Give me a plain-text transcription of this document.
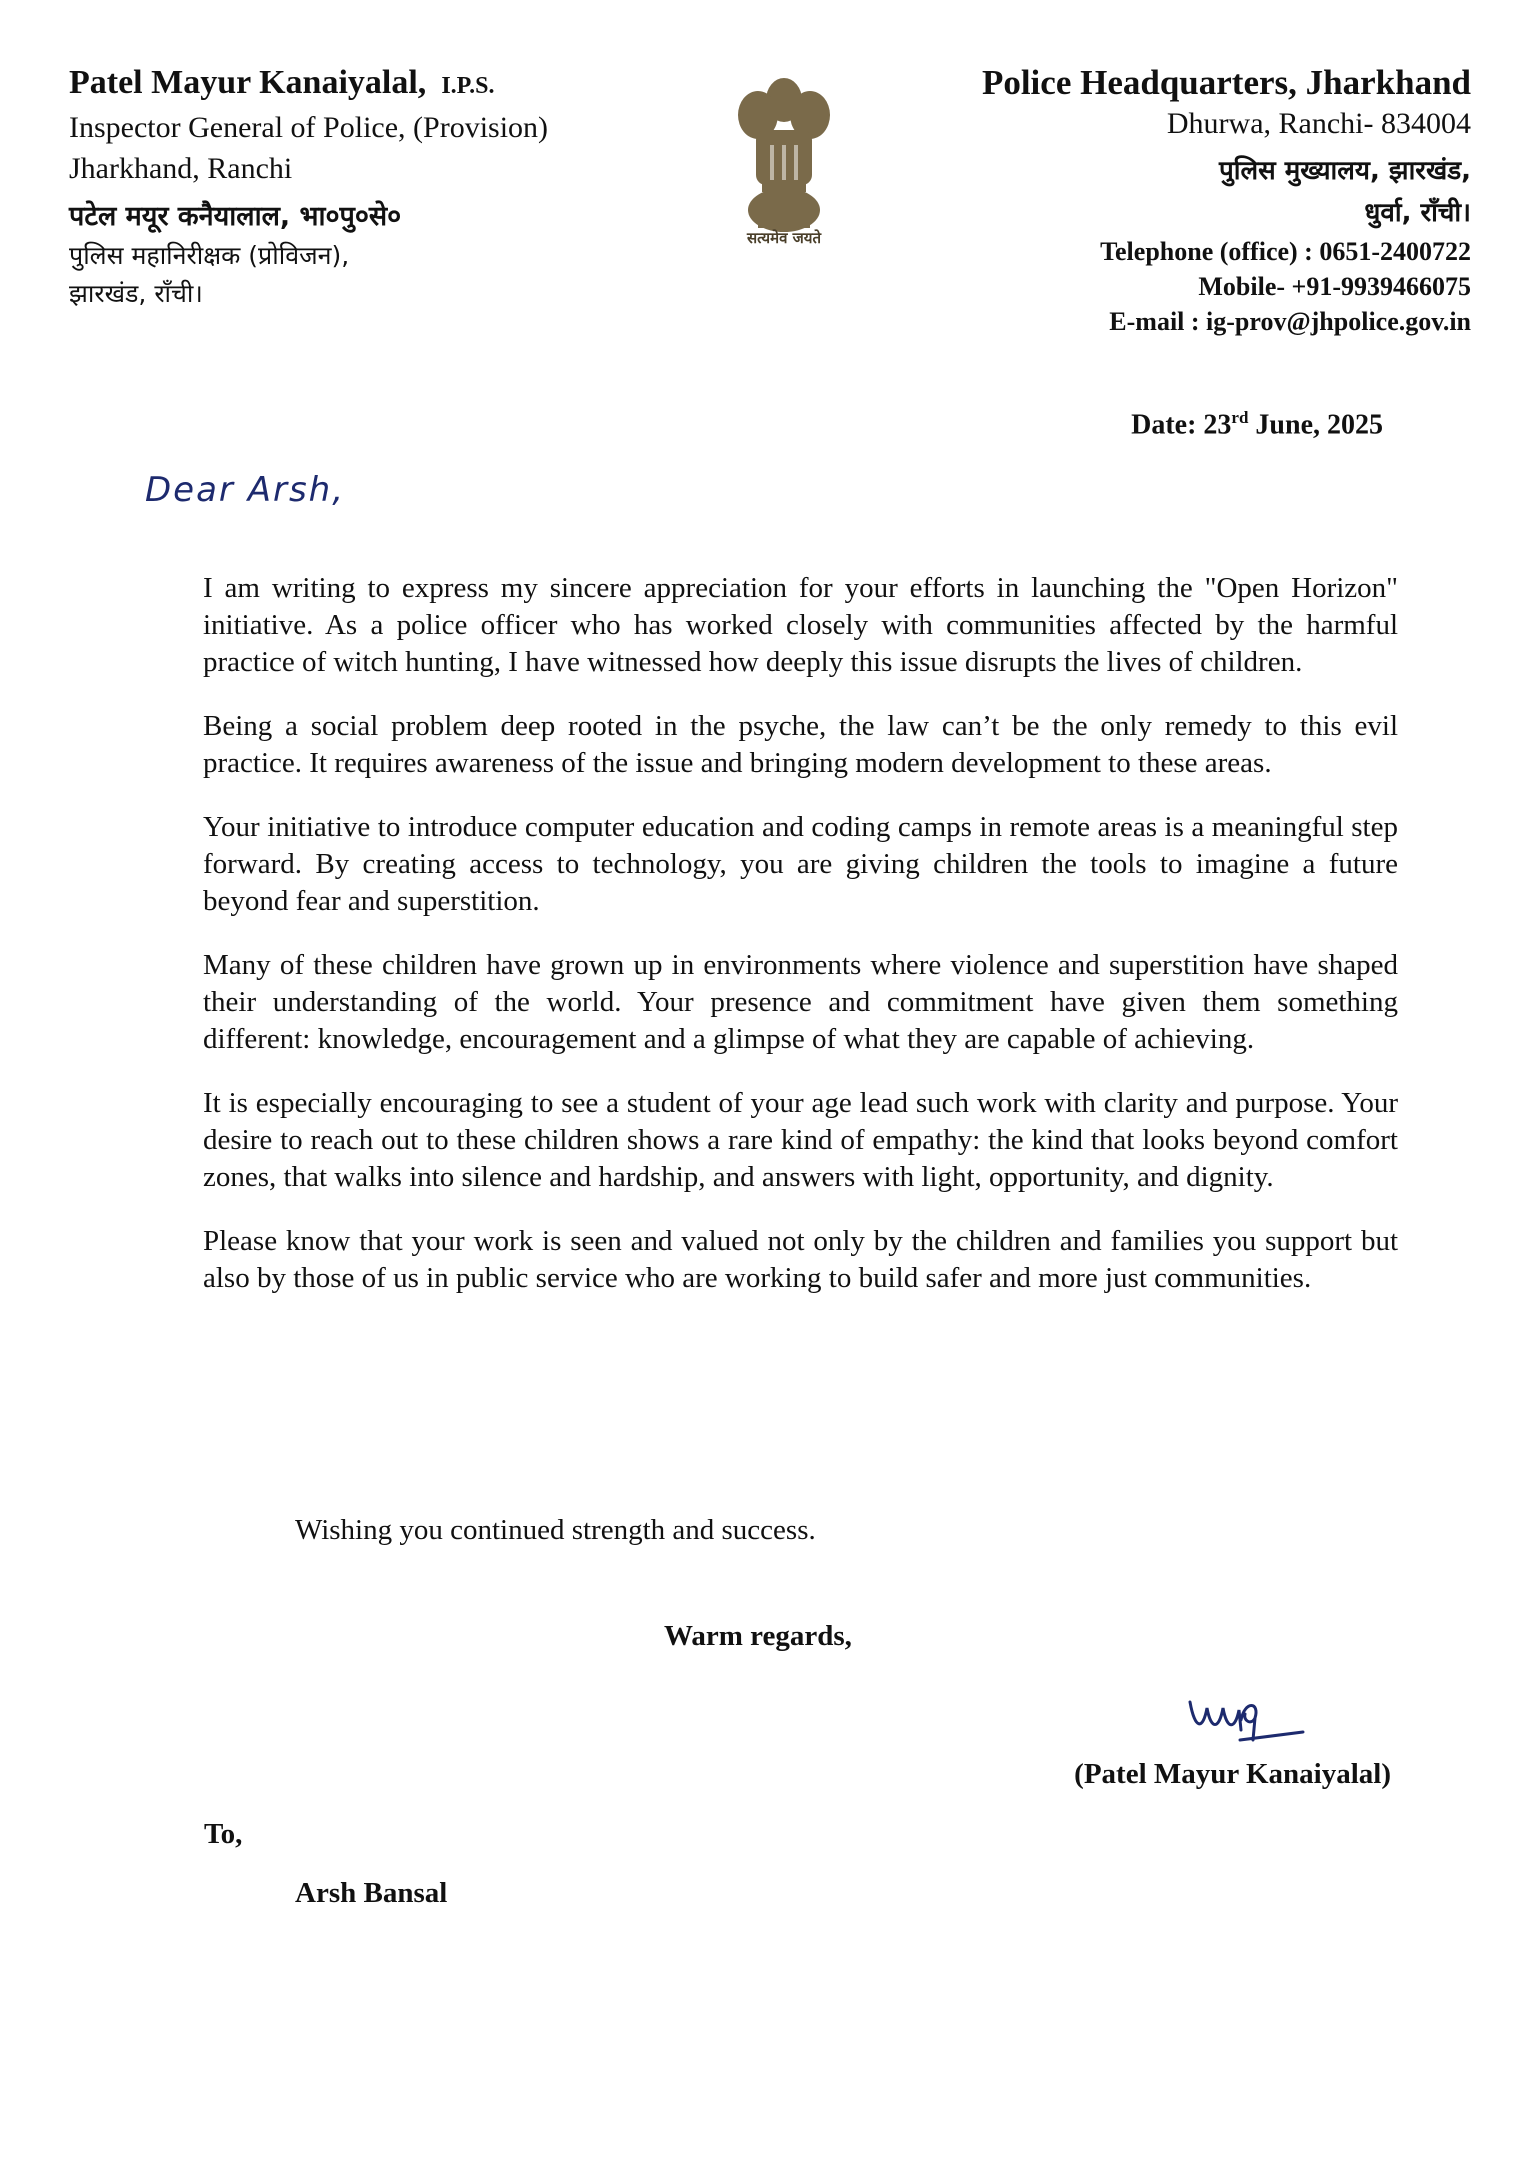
Patel Mayur Kanaiyalal, I.P.S.
Inspector General of Police, (Provision)
Jharkhand, Ranchi
पटेल मयूर कनैयालाल, भा०पु०से०
पुलिस महानिरीक्षक (प्रोविजन),
झारखंड, राँची।
सत्यमेव जयते
Police Headquarters, Jharkhand
Dhurwa, Ranchi- 834004
पुलिस मुख्यालय, झारखंड,
धुर्वा, राँची।
Telephone (office) : 0651-2400722
Mobile- +91-9939466075
E-mail : ig-prov@jhpolice.gov.in
Date: 23rd June, 2025
Dear Arsh,

I am writing to express my sincere appreciation for your efforts in launching the "Open Horizon" initiative. As a police officer who has worked closely with communities affected by the harmful practice of witch hunting, I have witnessed how deeply this issue disrupts the lives of children.

Being a social problem deep rooted in the psyche, the law can’t be the only remedy to this evil practice. It requires awareness of the issue and bringing modern development to these areas.

Your initiative to introduce computer education and coding camps in remote areas is a meaningful step forward. By creating access to technology, you are giving children the tools to imagine a future beyond fear and superstition.

Many of these children have grown up in environments where violence and superstition have shaped their understanding of the world. Your presence and commitment have given them something different: knowledge, encouragement and a glimpse of what they are capable of achieving.

It is especially encouraging to see a student of your age lead such work with clarity and purpose. Your desire to reach out to these children shows a rare kind of empathy: the kind that looks beyond comfort zones, that walks into silence and hardship, and answers with light, opportunity, and dignity.

Please know that your work is seen and valued not only by the children and families you support but also by those of us in public service who are working to build safer and more just communities.

Wishing you continued strength and success.
Warm regards,
(Patel Mayur Kanaiyalal)
To,
Arsh Bansal
